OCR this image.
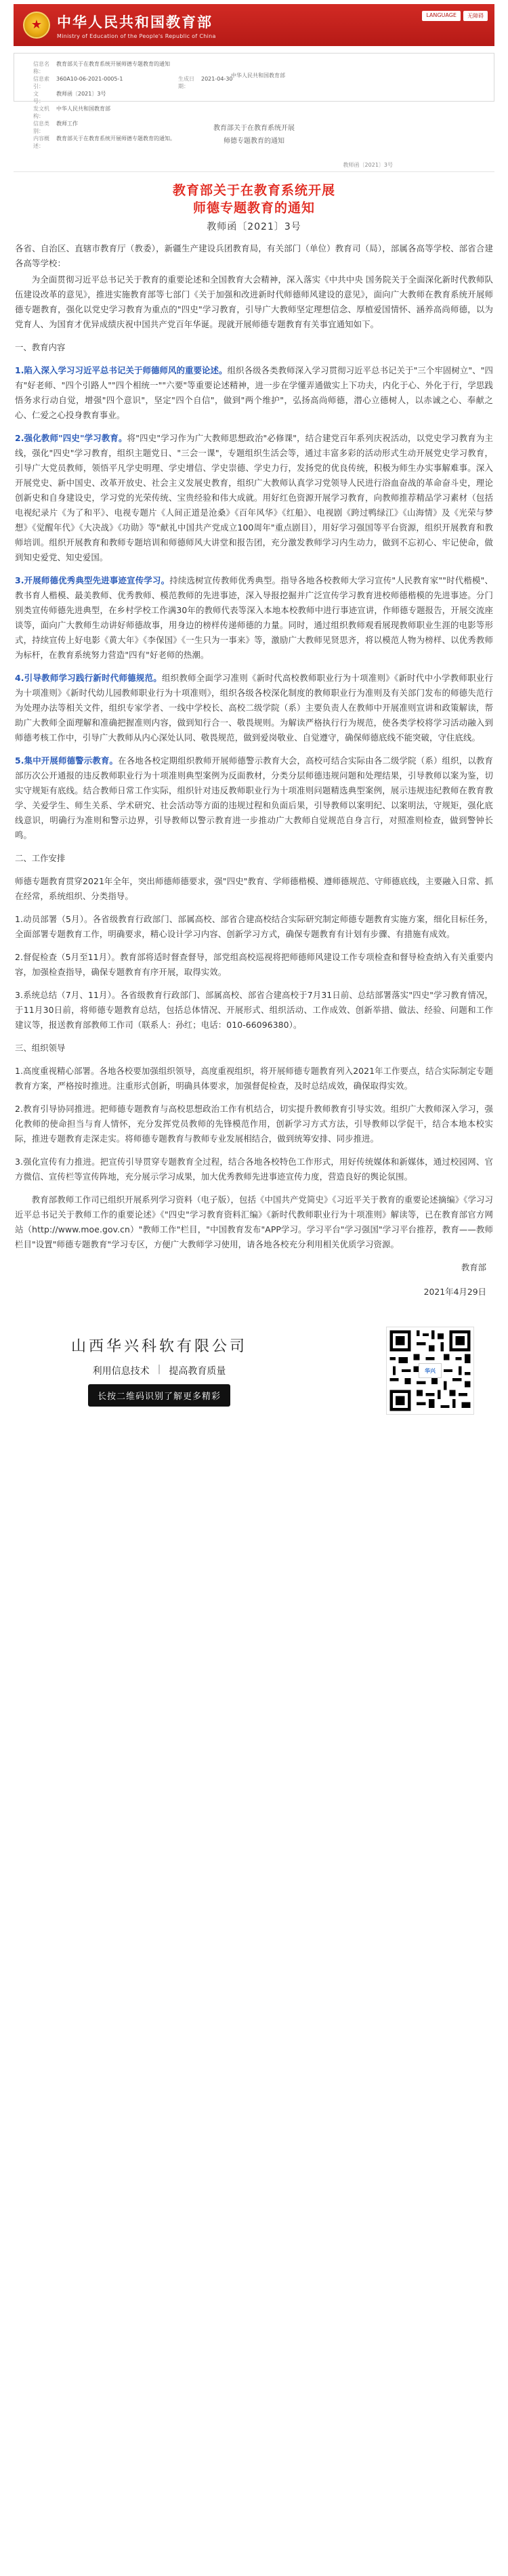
★	中华人民共和国教育部
Ministry of Education of the People's Republic of China
LANGUAGE	无障碍
信息名称：
教育部关于在教育系统开展师德专题教育的通知
信息索引：
360A10-06-2021-0005-1	生成日期：
2021-04-30
文　　号：
教师函〔2021〕3号
发文机构：
中华人民共和国教育部
信息类别：
教师工作
内容概述：
教育部关于在教育系统开展师德专题教育的通知。
中华人民共和国教育部
教育部关于在教育系统开展
师德专题教育的通知
教师函〔2021〕3号
教育部关于在教育系统开展
师德专题教育的通知
教师函〔2021〕3号

各省、自治区、直辖市教育厅（教委），新疆生产建设兵团教育局，有关部门（单位）教育司（局），部属各高等学校、部省合建各高等学校：

为全面贯彻习近平总书记关于教育的重要论述和全国教育大会精神，深入落实《中共中央 国务院关于全面深化新时代教师队伍建设改革的意见》，推进实施教育部等七部门《关于加强和改进新时代师德师风建设的意见》，面向广大教师在教育系统开展师德专题教育，强化以党史学习教育为重点的"四史"学习教育，引导广大教师坚定理想信念、厚植爱国情怀、涵养高尚师德，以为党育人、为国育才优异成绩庆祝中国共产党百年华诞。现就开展师德专题教育有关事宜通知如下。

一、教育内容

1.陷入深入学习习近平总书记关于师德师风的重要论述。组织各级各类教师深入学习贯彻习近平总书记关于"三个牢固树立"、"四有"好老师、"四个引路人""四个相统一""六要"等重要论述精神，进一步在学懂弄通做实上下功夫，内化于心、外化于行，学思践悟务求行动自觉，增强"四个意识"，坚定"四个自信"，做到"两个维护"，弘扬高尚师德，潜心立德树人，以赤诚之心、奉献之心、仁爱之心投身教育事业。

2.强化教师"四史"学习教育。将"四史"学习作为广大教师思想政治"必修课"，结合建党百年系列庆祝活动，以党史学习教育为主线，强化"四史"学习教育，组织主题党日、"三会一课"，专题组织生活会等，通过丰富多彩的活动形式生动开展党史学习教育，引导广大党员教师，领悟平凡学史明理、学史增信、学史崇德、学史力行，发扬党的优良传统，积极为师生办实事解难事。深入开展党史、新中国史、改革开放史、社会主义发展史教育，组织广大教师认真学习党领导人民进行浴血奋战的革命奋斗史，理论创新史和自身建设史，学习党的光荣传统、宝贵经验和伟大成就。用好红色资源开展学习教育，向教师推荐精品学习素材（包括电视纪录片《为了和平》、电视专题片《人间正道是沧桑》《百年风华》《红船》、电视剧《跨过鸭绿江》《山海情》及《光荣与梦想》《觉醒年代》《大决战》《功勋》等"献礼中国共产党成立100周年"重点剧目），用好学习强国等平台资源，组织开展教育和教师培训。组织开展教育和教师专题培训和师德师风大讲堂和报告团，充分激发教师学习内生动力，做到不忘初心、牢记使命，做到知史爱党、知史爱国。

3.开展师德优秀典型先进事迹宣传学习。持续选树宣传教师优秀典型。指导各地各校教师大学习宣传"人民教育家""时代楷模"、教书育人楷模、最美教师、优秀教师、模范教师的先进事迹，深入导报挖掘并广泛宣传学习教育进校师德楷模的先进事迹。分门别类宣传师德先进典型，在乡村学校工作满30年的教师代表等深入本地本校教师中进行事迹宣讲，作师德专题报告，开展交流座谈等，面向广大教师生动讲好师德故事，用身边的榜样传递师德的力量。同时，通过组织教师观看展现教师职业生涯的电影等形式，持续宣传上好电影《黄大年》《李保国》《一生只为一事来》等，激励广大教师见贤思齐，将以模范人物为榜样、以优秀教师为标杆，在教育系统努力营造"四有"好老师的热潮。

4.引导教师学习践行新时代师德规范。组织教师全面学习准则《新时代高校教师职业行为十项准则》《新时代中小学教师职业行为十项准则》《新时代幼儿园教师职业行为十项准则》，组织各级各校深化制度的教师职业行为准则及有关部门发布的师德失范行为处理办法等相关文件，组织专家学者、一线中学校长、高校二级学院（系）主要负责人在教师中开展准则宣讲和政策解读，帮助广大教师全面理解和准确把握准则内容，做到知行合一、敬畏规则。为解读严格执行行为规范，使各类学校将学习活动融入到师德考核工作中，引导广大教师从内心深处认同、敬畏规范，做到爱岗敬业、自觉遵守，确保师德底线不能突破，守住底线。

5.集中开展师德警示教育。在各地各校定期组织教师开展师德警示教育大会，高校可结合实际由各二级学院（系）组织，以教育部历次公开通报的违反教师职业行为十项准则典型案例为反面教材，分类分层师德违规问题和处理结果，引导教师以案为鉴，切实守规矩有底线。结合教师日常工作实际，组织针对违反教师职业行为十项准则问题精选典型案例，展示违规违纪教师在教育教学、关爱学生、师生关系、学术研究、社会活动等方面的违规过程和负面后果，引导教师以案明纪、以案明法，守规矩，强化底线意识，明确行为准则和警示边界，引导教师以警示教育进一步推动广大教师自觉规范自身言行，对照准则检查，做到警钟长鸣。

二、工作安排

师德专题教育贯穿2021年全年，突出师德师德要求，强"四史"教育、学师德楷模、遵师德规范、守师德底线，主要融入日常、抓在经常，系统组织、分类指导。

1.动员部署（5月）。各省级教育行政部门、部属高校、部省合建高校结合实际研究制定师德专题教育实施方案，细化目标任务，全面部署专题教育工作，明确要求，精心设计学习内容、创新学习方式，确保专题教育有计划有步骤、有措施有成效。

2.督促检查（5月至11月）。教育部将适时督查督导，部党组高校巡视将把师德师风建设工作专项检查和督导检查纳入有关重要内容，加强检查指导，确保专题教育有序开展，取得实效。

3.系统总结（7月、11月）。各省级教育行政部门、部属高校、部省合建高校于7月31日前、总结部署落实"四史"学习教育情况，于11月30日前，将师德专题教育总结，包括总体情况、开展形式、组织活动、工作成效、创新举措、做法、经验、问题和工作建议等，报送教育部教师工作司（联系人：孙红；电话：010-66096380）。

三、组织领导

1.高度重视精心部署。各地各校要加强组织领导，高度重视组织，将开展师德专题教育列入2021年工作要点，结合实际制定专题教育方案，严格按时推进。注重形式创新，明确具体要求，加强督促检查，及时总结成效，确保取得实效。

2.教育引导协同推进。把师德专题教育与高校思想政治工作有机结合，切实提升教师教育引导实效。组织广大教师深入学习，强化教师的使命担当与育人情怀，充分发挥党员教师的先锋模范作用，创新学习方式方法，引导教师以学促干，结合本地本校实际，推进专题教育走深走实。将师德专题教育与教师专业发展相结合，做到统筹安排、同步推进。

3.强化宣传有力推进。把宣传引导贯穿专题教育全过程，结合各地各校特色工作形式，用好传统媒体和新媒体，通过校园网、官方微信、宣传栏等宣传阵地，充分展示学习成果，加大优秀教师先进事迹宣传力度，营造良好的舆论氛围。

教育部教师工作司已组织开展系列学习资料（电子版），包括《中国共产党简史》《习近平关于教育的重要论述摘编》《学习习近平总书记关于教师工作的重要论述》《"四史"学习教育资料汇编》《新时代教师职业行为十项准则》解读等，已在教育部官方网站（http://www.moe.gov.cn）"教师工作"栏目，"中国教育发布"APP学习。学习平台"学习强国"学习平台推荐，教育——教师栏目"设置"师德专题教育"学习专区，方便广大教师学习使用，请各地各校充分利用相关优质学习资源。

教育部
2021年4月29日
山西华兴科软有限公司
利用信息技术 | 提高教育质量
长按二维码识别了解更多精彩
华兴
